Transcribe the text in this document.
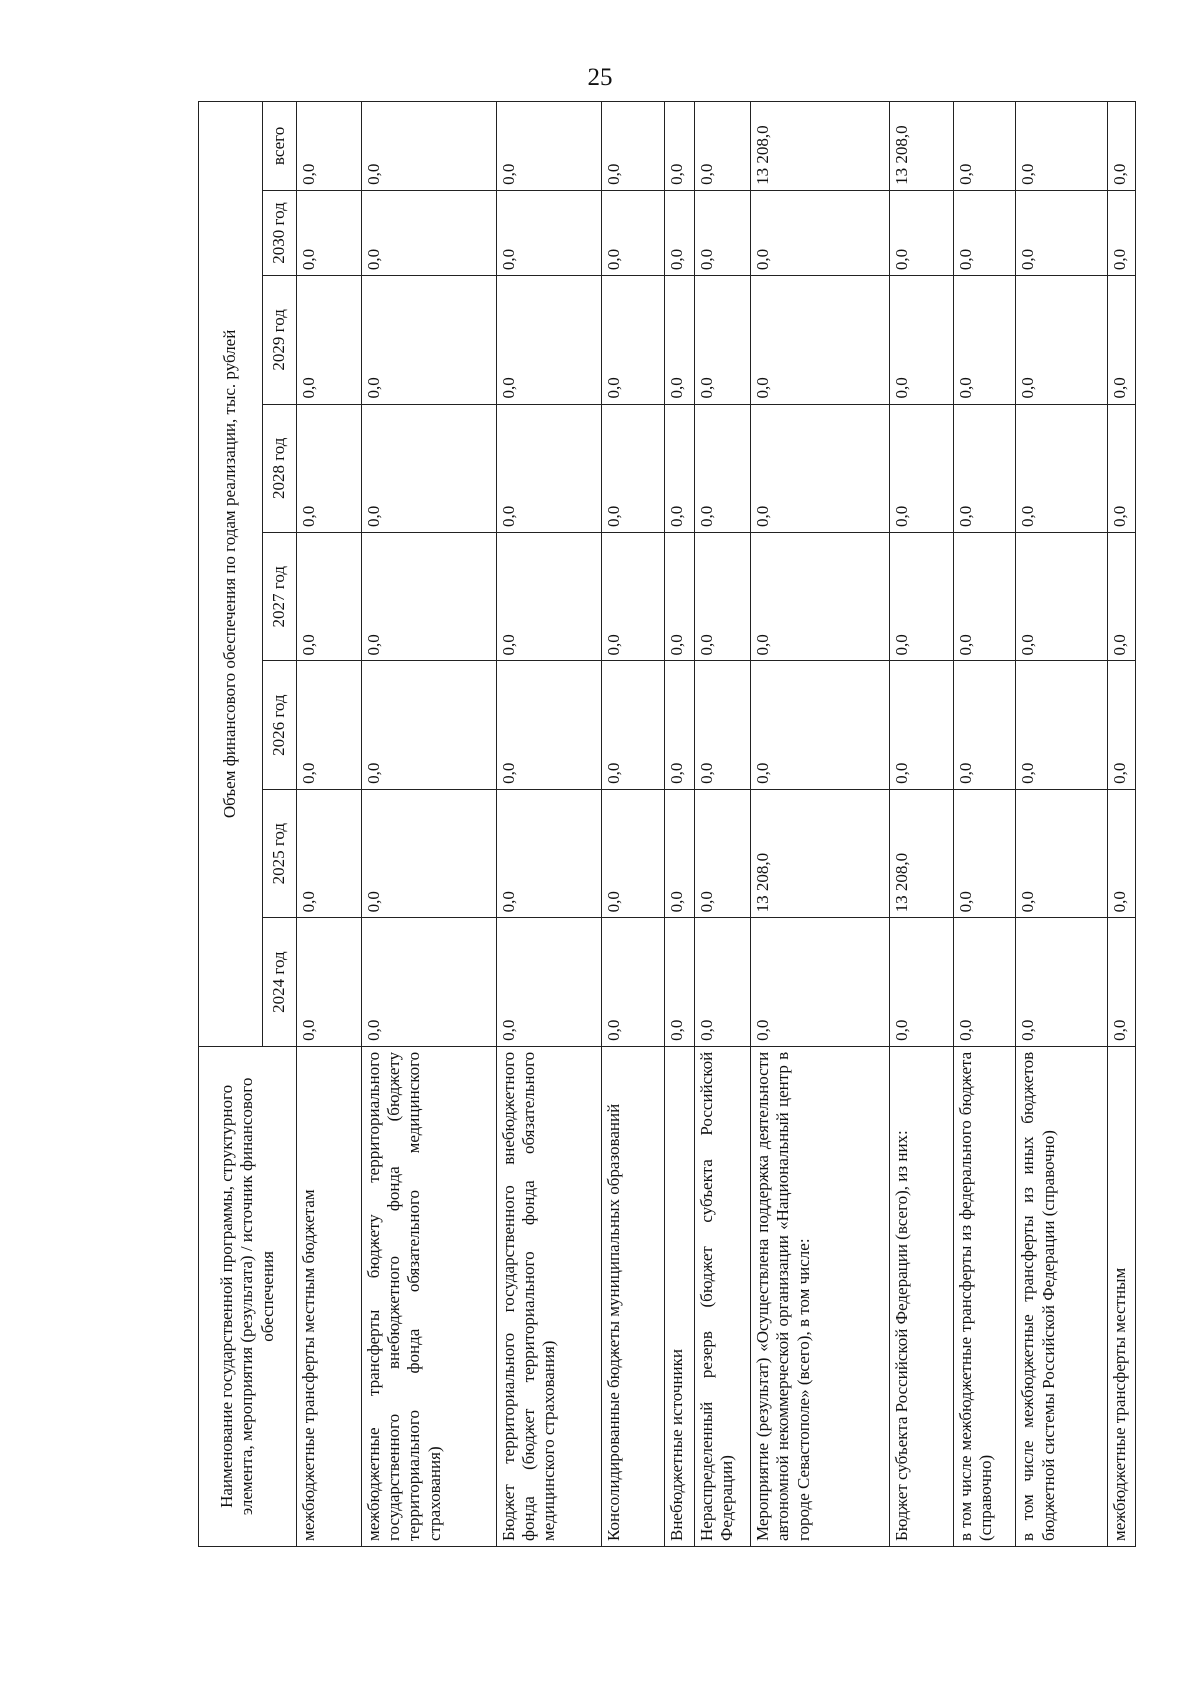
25
Наименование государственной программы, структурного элемента, мероприятия (результата) / источник финансового обеспечения	Объем финансового обеспечения по годам реализации, тыс. рублей							
	2024 год	2025 год	2026 год	2027 год	2028 год	2029 год	2030 год	всего
межбюджетные трансферты местным бюджетам	0,0	0,0	0,0	0,0	0,0	0,0	0,0	0,0
межбюджетные трансферты бюджету территориального государственного внебюджетного фонда (бюджету территориального фонда обязательного медицинского страхования)	0,0	0,0	0,0	0,0	0,0	0,0	0,0	0,0
Бюджет территориального государственного внебюджетного фонда (бюджет территориального фонда обязательного медицинского страхования)	0,0	0,0	0,0	0,0	0,0	0,0	0,0	0,0
Консолидированные бюджеты муниципальных образований	0,0	0,0	0,0	0,0	0,0	0,0	0,0	0,0
Внебюджетные источники	0,0	0,0	0,0	0,0	0,0	0,0	0,0	0,0
Нераспределенный резерв (бюджет субъекта Российской Федерации)	0,0	0,0	0,0	0,0	0,0	0,0	0,0	0,0
Мероприятие (результат) «Осуществлена поддержка деятельности автономной некоммерческой организации «Национальный центр в городе Севастополе» (всего), в том числе:	0,0	13 208,0	0,0	0,0	0,0	0,0	0,0	13 208,0
Бюджет субъекта Российской Федерации (всего), из них:	0,0	13 208,0	0,0	0,0	0,0	0,0	0,0	13 208,0
в том числе межбюджетные трансферты из федерального бюджета (справочно)	0,0	0,0	0,0	0,0	0,0	0,0	0,0	0,0
в том числе межбюджетные трансферты из иных бюджетов бюджетной системы Российской Федерации (справочно)	0,0	0,0	0,0	0,0	0,0	0,0	0,0	0,0
межбюджетные трансферты местным	0,0	0,0	0,0	0,0	0,0	0,0	0,0	0,0
